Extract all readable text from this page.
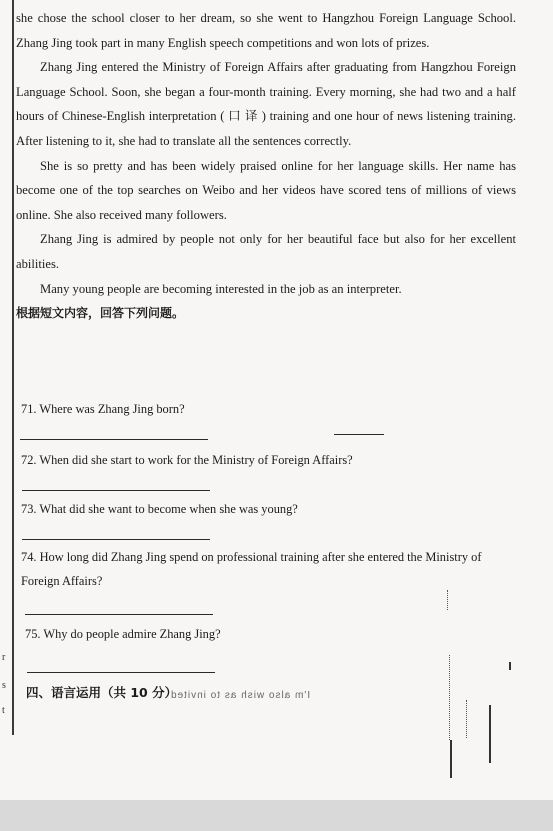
she chose the school closer to her dream, so she went to Hangzhou Foreign Language School. Zhang Jing took part in many English speech competitions and won lots of prizes.

Zhang Jing entered the Ministry of Foreign Affairs after graduating from Hangzhou Foreign Language School. Soon, she began a four-month training. Every morning, she had two and a half hours of Chinese-English interpretation ( 口 译 ) training and one hour of news listening training. After listening to it, she had to translate all the sentences correctly.

She is so pretty and has been widely praised online for her language skills. Her name has become one of the top searches on Weibo and her videos have scored tens of millions of views online. She also received many followers.

Zhang Jing is admired by people not only for her beautiful face but also for her excellent abilities.

Many young people are becoming interested in the job as an interpreter.

根据短文内容，回答下列问题。

71. Where was Zhang Jing born?
72. When did she start to work for the Ministry of Foreign Affairs?
73. What did she want to become when she was young?
74. How long did Zhang Jing spend on professional training after she entered the Ministry of Foreign Affairs?
75. Why do people admire Zhang Jing?
四、语言运用（共 10 分）
I'm also wish as to invited
r
s
t
